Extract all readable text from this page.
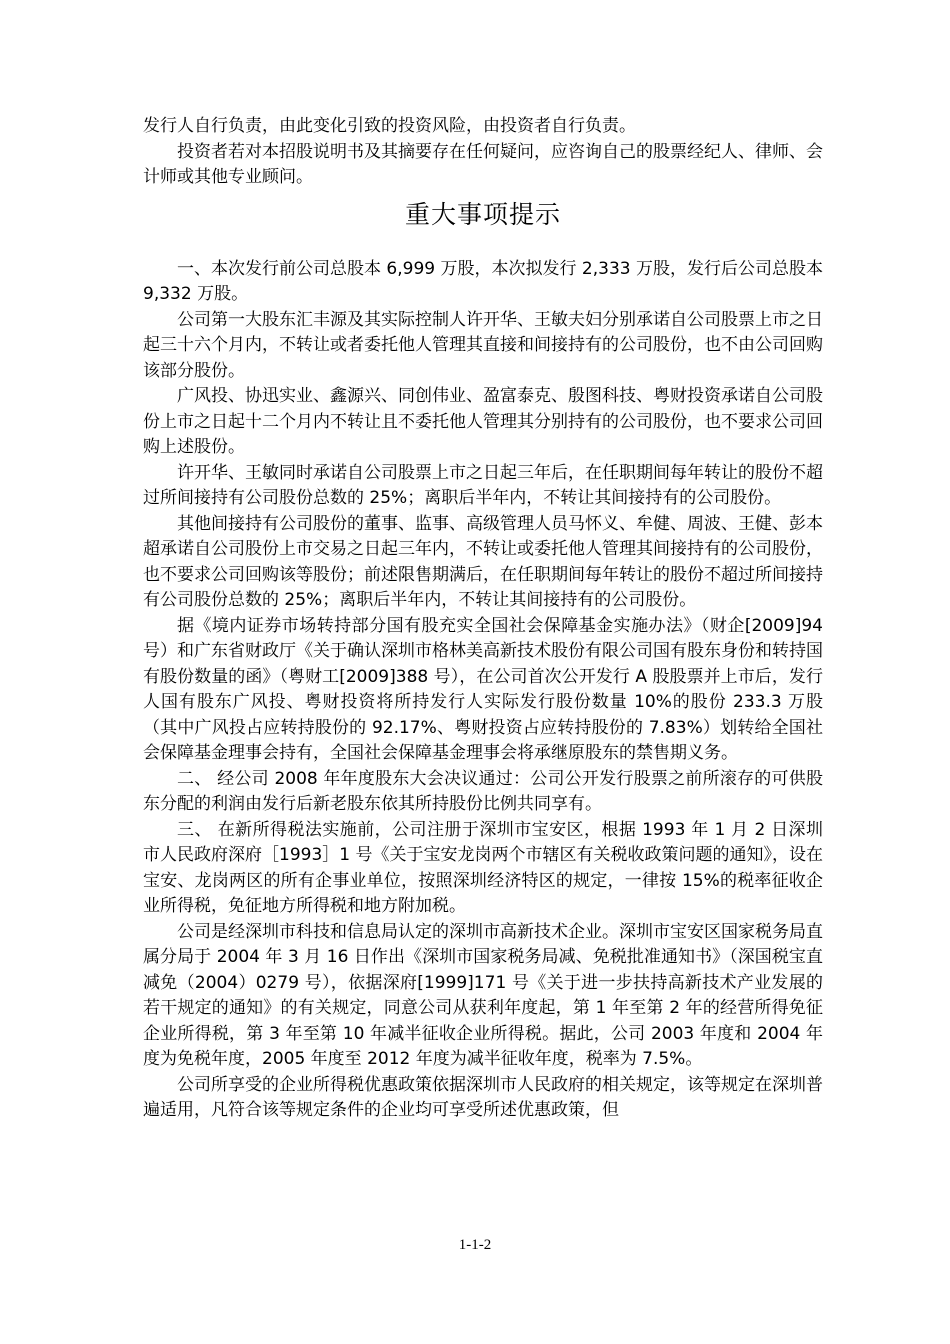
发行人自行负责，由此变化引致的投资风险，由投资者自行负责。

投资者若对本招股说明书及其摘要存在任何疑问，应咨询自己的股票经纪人、律师、会计师或其他专业顾问。

重大事项提示

一、本次发行前公司总股本 6,999 万股，本次拟发行 2,333 万股，发行后公司总股本 9,332 万股。

公司第一大股东汇丰源及其实际控制人许开华、王敏夫妇分别承诺自公司股票上市之日起三十六个月内，不转让或者委托他人管理其直接和间接持有的公司股份，也不由公司回购该部分股份。

广风投、协迅实业、鑫源兴、同创伟业、盈富泰克、殷图科技、粤财投资承诺自公司股份上市之日起十二个月内不转让且不委托他人管理其分别持有的公司股份，也不要求公司回购上述股份。

许开华、王敏同时承诺自公司股票上市之日起三年后，在任职期间每年转让的股份不超过所间接持有公司股份总数的 25%；离职后半年内，不转让其间接持有的公司股份。

其他间接持有公司股份的董事、监事、高级管理人员马怀义、牟健、周波、王健、彭本超承诺自公司股份上市交易之日起三年内，不转让或委托他人管理其间接持有的公司股份，也不要求公司回购该等股份；前述限售期满后，在任职期间每年转让的股份不超过所间接持有公司股份总数的 25%；离职后半年内，不转让其间接持有的公司股份。

据《境内证券市场转持部分国有股充实全国社会保障基金实施办法》（财企[2009]94 号）和广东省财政厅《关于确认深圳市格林美高新技术股份有限公司国有股东身份和转持国有股份数量的函》（粤财工[2009]388 号），在公司首次公开发行 A 股股票并上市后，发行人国有股东广风投、粤财投资将所持发行人实际发行股份数量 10%的股份 233.3 万股（其中广风投占应转持股份的 92.17%、粤财投资占应转持股份的 7.83%）划转给全国社会保障基金理事会持有，全国社会保障基金理事会将承继原股东的禁售期义务。

二、 经公司 2008 年年度股东大会决议通过：公司公开发行股票之前所滚存的可供股东分配的利润由发行后新老股东依其所持股份比例共同享有。

三、 在新所得税法实施前，公司注册于深圳市宝安区，根据 1993 年 1 月 2 日深圳市人民政府深府［1993］1 号《关于宝安龙岗两个市辖区有关税收政策问题的通知》，设在宝安、龙岗两区的所有企事业单位，按照深圳经济特区的规定，一律按 15%的税率征收企业所得税，免征地方所得税和地方附加税。

公司是经深圳市科技和信息局认定的深圳市高新技术企业。深圳市宝安区国家税务局直属分局于 2004 年 3 月 16 日作出《深圳市国家税务局减、免税批准通知书》（深国税宝直减免（2004）0279 号），依据深府[1999]171 号《关于进一步扶持高新技术产业发展的若干规定的通知》的有关规定，同意公司从获利年度起，第 1 年至第 2 年的经营所得免征企业所得税，第 3 年至第 10 年减半征收企业所得税。据此，公司 2003 年度和 2004 年度为免税年度，2005 年度至 2012 年度为减半征收年度，税率为 7.5%。

公司所享受的企业所得税优惠政策依据深圳市人民政府的相关规定，该等规定在深圳普遍适用，凡符合该等规定条件的企业均可享受所述优惠政策，但

1-1-2
